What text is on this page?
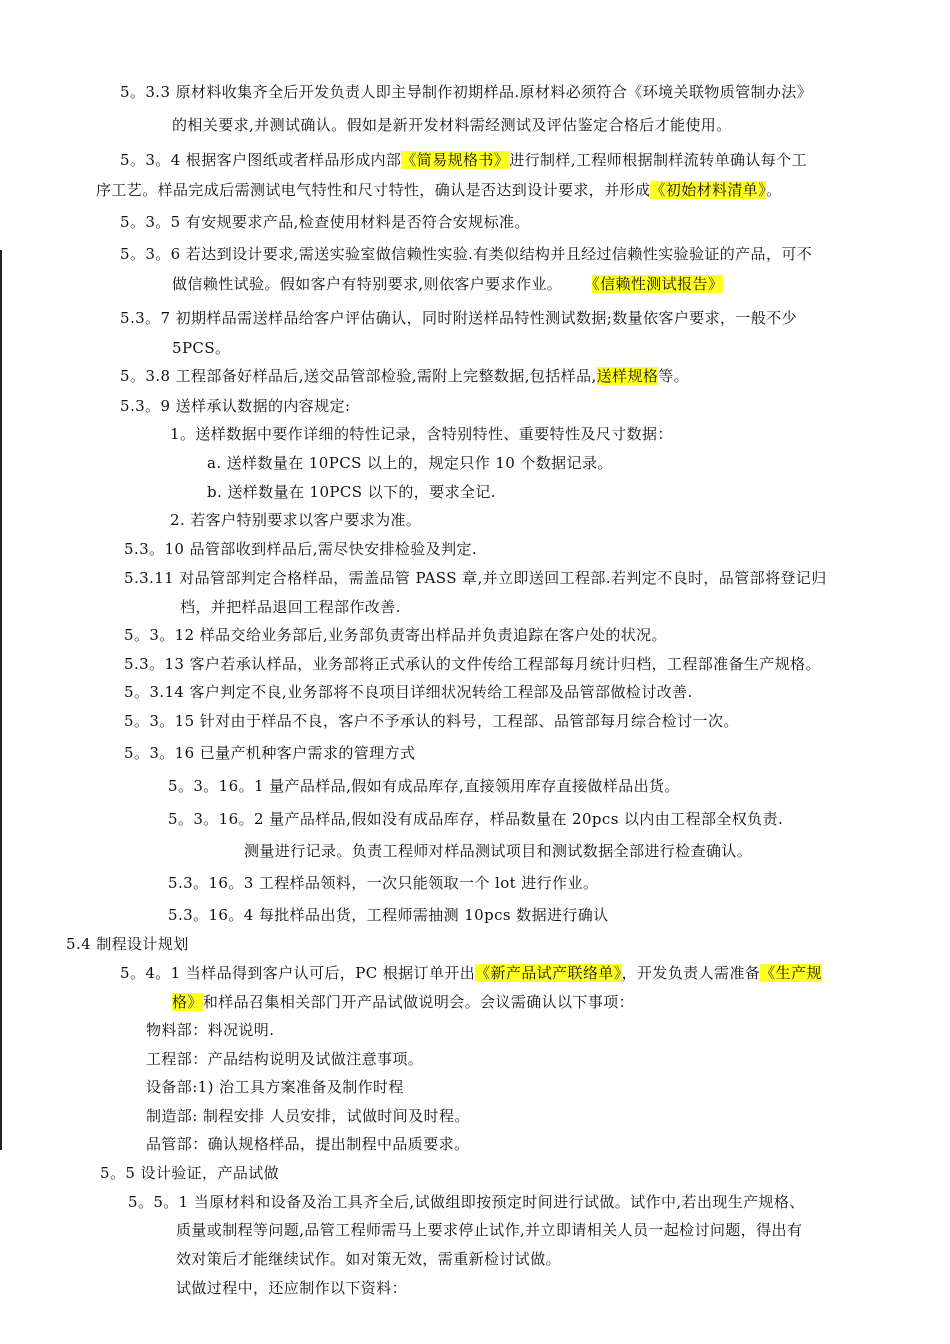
5。3.3 原材料收集齐全后开发负责人即主导制作初期样品.原材料必须符合《环境关联物质管制办法》
的相关要求,并测试确认。假如是新开发材料需经测试及评估鉴定合格后才能使用。
5。3。4 根据客户图纸或者样品形成内部《简易规格书》进行制样,工程师根据制样流转单确认每个工
序工艺。样品完成后需测试电气特性和尺寸特性，确认是否达到设计要求，并形成《初始材料清单》。
5。3。5 有安规要求产品,检查使用材料是否符合安规标准。
5。3。6 若达到设计要求,需送实验室做信赖性实验.有类似结构并且经过信赖性实验验证的产品，可不
做信赖性试验。假如客户有特别要求,则依客户要求作业。 《信赖性测试报告》
5.3。7 初期样品需送样品给客户评估确认，同时附送样品特性测试数据;数量依客户要求，一般不少
5PCS。
5。3.8 工程部备好样品后,送交品管部检验,需附上完整数据,包括样品,送样规格等。
5.3。9 送样承认数据的内容规定:
1。送样数据中要作详细的特性记录，含特别特性、重要特性及尺寸数据：
a. 送样数量在 10PCS 以上的，规定只作 10 个数据记录。
b. 送样数量在 10PCS 以下的，要求全记.
2. 若客户特别要求以客户要求为准。
5.3。10 品管部收到样品后,需尽快安排检验及判定.
5.3.11 对品管部判定合格样品，需盖品管 PASS 章,并立即送回工程部.若判定不良时，品管部将登记归
档，并把样品退回工程部作改善.
5。3。12 样品交给业务部后,业务部负责寄出样品并负责追踪在客户处的状况。
5.3。13 客户若承认样品，业务部将正式承认的文件传给工程部每月统计归档，工程部准备生产规格。
5。3.14 客户判定不良,业务部将不良项目详细状况转给工程部及品管部做检讨改善.
5。3。15 针对由于样品不良，客户不予承认的料号，工程部、品管部每月综合检讨一次。
5。3。16 已量产机种客户需求的管理方式
5。3。16。1 量产品样品,假如有成品库存,直接领用库存直接做样品出货。
5。3。16。2 量产品样品,假如没有成品库存，样品数量在 20pcs 以内由工程部全权负责.
测量进行记录。负责工程师对样品测试项目和测试数据全部进行检查确认。
5.3。16。3 工程样品领料，一次只能领取一个 lot 进行作业。
5.3。16。4 每批样品出货，工程师需抽测 10pcs 数据进行确认
5.4 制程设计规划
5。4。1 当样品得到客户认可后，PC 根据订单开出《新产品试产联络单》，开发负责人需准备《生产规
格》和样品召集相关部门开产品试做说明会。会议需确认以下事项：
物料部：料况说明.
工程部：产品结构说明及试做注意事项。
设备部:1) 治工具方案准备及制作时程
制造部: 制程安排 人员安排，试做时间及时程。
品管部：确认规格样品，提出制程中品质要求。
5。5 设计验证，产品试做
5。5。1 当原材料和设备及治工具齐全后,试做组即按预定时间进行试做。试作中,若出现生产规格、
质量或制程等问题,品管工程师需马上要求停止试作,并立即请相关人员一起检讨问题，得出有
效对策后才能继续试作。如对策无效，需重新检讨试做。
试做过程中，还应制作以下资料：
